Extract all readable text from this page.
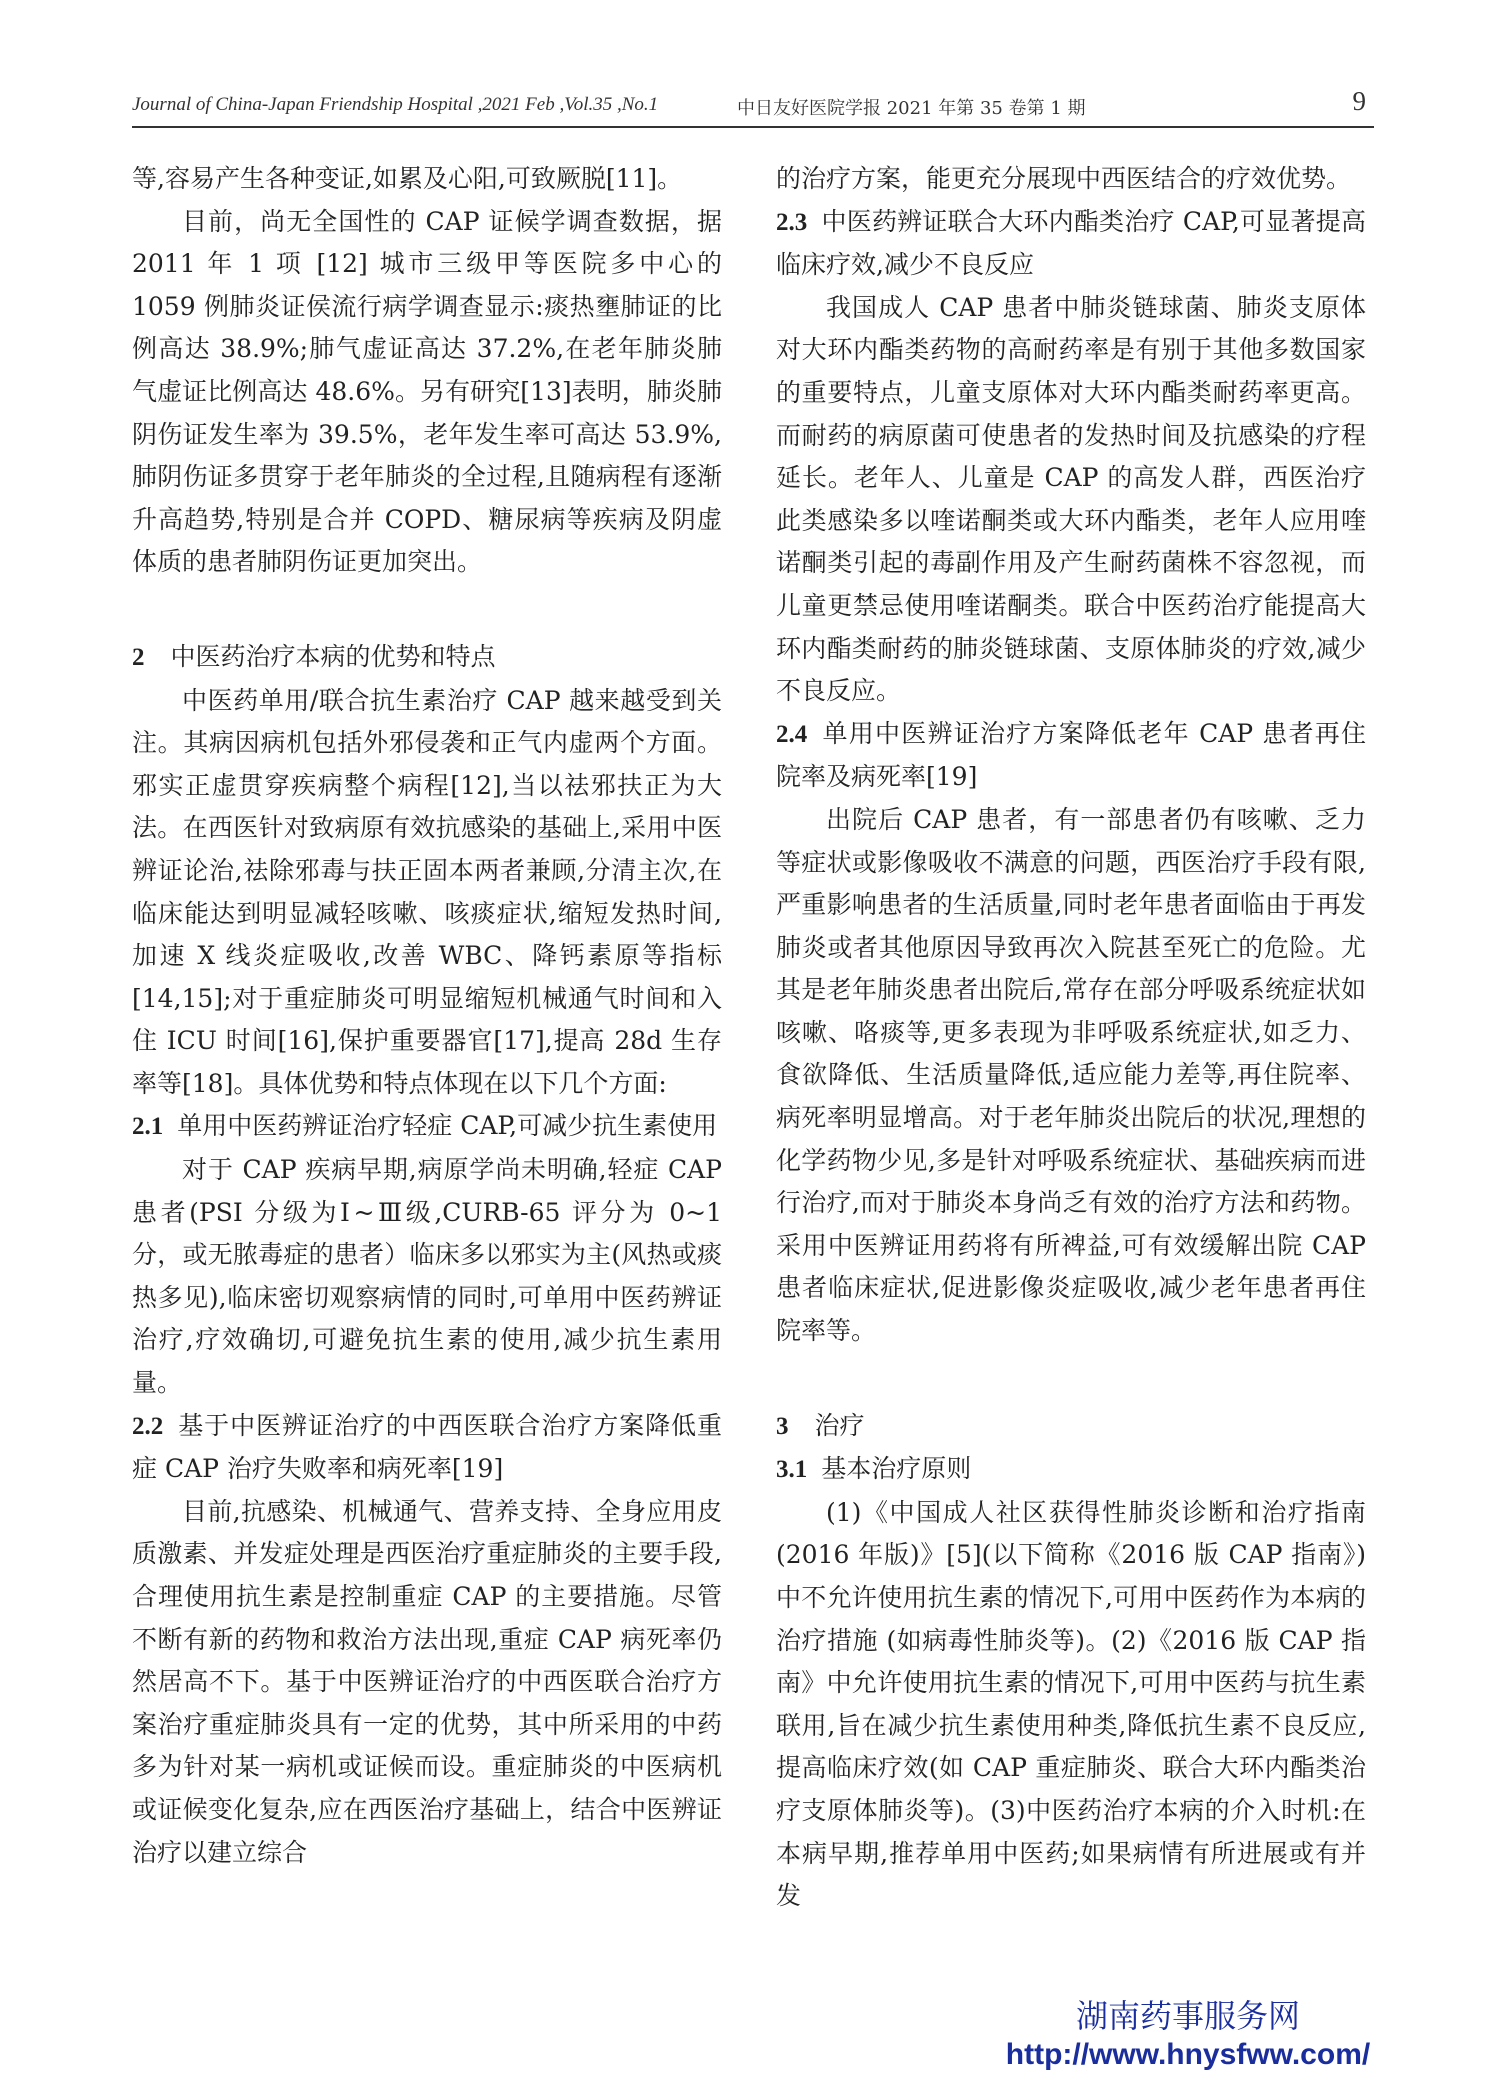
Journal of China-Japan Friendship Hospital ,2021 Feb ,Vol.35 ,No.1	中日友好医院学报 2021 年第 35 卷第 1 期	9

等,容易产生各种变证,如累及心阳,可致厥脱[11]。

目前，尚无全国性的 CAP 证候学调查数据，据 2011 年 1 项 [12] 城市三级甲等医院多中心的 1059 例肺炎证侯流行病学调查显示:痰热壅肺证的比例高达 38.9%;肺气虚证高达 37.2%,在老年肺炎肺气虚证比例高达 48.6%。另有研究[13]表明，肺炎肺阴伤证发生率为 39.5%，老年发生率可高达 53.9%,肺阴伤证多贯穿于老年肺炎的全过程,且随病程有逐渐升高趋势,特别是合并 COPD、糖尿病等疾病及阴虚体质的患者肺阴伤证更加突出。

2 中医药治疗本病的优势和特点

中医药单用/联合抗生素治疗 CAP 越来越受到关注。其病因病机包括外邪侵袭和正气内虚两个方面。邪实正虚贯穿疾病整个病程[12],当以祛邪扶正为大法。在西医针对致病原有效抗感染的基础上,采用中医辨证论治,祛除邪毒与扶正固本两者兼顾,分清主次,在临床能达到明显减轻咳嗽、咳痰症状,缩短发热时间,加速 X 线炎症吸收,改善 WBC、降钙素原等指标[14,15];对于重症肺炎可明显缩短机械通气时间和入住 ICU 时间[16],保护重要器官[17],提高 28d 生存率等[18]。具体优势和特点体现在以下几个方面:

2.1 单用中医药辨证治疗轻症 CAP,可减少抗生素使用

对于 CAP 疾病早期,病原学尚未明确,轻症 CAP 患者(PSI 分级为Ⅰ~Ⅲ级,CURB-65 评分为 0~1 分，或无脓毒症的患者）临床多以邪实为主(风热或痰热多见),临床密切观察病情的同时,可单用中医药辨证治疗,疗效确切,可避免抗生素的使用,减少抗生素用量。

2.2 基于中医辨证治疗的中西医联合治疗方案降低重症 CAP 治疗失败率和病死率[19]

目前,抗感染、机械通气、营养支持、全身应用皮质激素、并发症处理是西医治疗重症肺炎的主要手段,合理使用抗生素是控制重症 CAP 的主要措施。尽管不断有新的药物和救治方法出现,重症 CAP 病死率仍然居高不下。基于中医辨证治疗的中西医联合治疗方案治疗重症肺炎具有一定的优势，其中所采用的中药多为针对某一病机或证候而设。重症肺炎的中医病机或证候变化复杂,应在西医治疗基础上，结合中医辨证治疗以建立综合

的治疗方案，能更充分展现中西医结合的疗效优势。

2.3 中医药辨证联合大环内酯类治疗 CAP,可显著提高临床疗效,减少不良反应

我国成人 CAP 患者中肺炎链球菌、肺炎支原体对大环内酯类药物的高耐药率是有别于其他多数国家的重要特点，儿童支原体对大环内酯类耐药率更高。而耐药的病原菌可使患者的发热时间及抗感染的疗程延长。老年人、儿童是 CAP 的高发人群，西医治疗此类感染多以喹诺酮类或大环内酯类，老年人应用喹诺酮类引起的毒副作用及产生耐药菌株不容忽视，而儿童更禁忌使用喹诺酮类。联合中医药治疗能提高大环内酯类耐药的肺炎链球菌、支原体肺炎的疗效,减少不良反应。

2.4 单用中医辨证治疗方案降低老年 CAP 患者再住院率及病死率[19]

出院后 CAP 患者，有一部患者仍有咳嗽、乏力等症状或影像吸收不满意的问题，西医治疗手段有限,严重影响患者的生活质量,同时老年患者面临由于再发肺炎或者其他原因导致再次入院甚至死亡的危险。尤其是老年肺炎患者出院后,常存在部分呼吸系统症状如咳嗽、咯痰等,更多表现为非呼吸系统症状,如乏力、食欲降低、生活质量降低,适应能力差等,再住院率、病死率明显增高。对于老年肺炎出院后的状况,理想的化学药物少见,多是针对呼吸系统症状、基础疾病而进行治疗,而对于肺炎本身尚乏有效的治疗方法和药物。采用中医辨证用药将有所裨益,可有效缓解出院 CAP 患者临床症状,促进影像炎症吸收,减少老年患者再住院率等。

3 治疗
3.1 基本治疗原则

(1)《中国成人社区获得性肺炎诊断和治疗指南 (2016 年版)》[5](以下简称《2016 版 CAP 指南》)中不允许使用抗生素的情况下,可用中医药作为本病的治疗措施 (如病毒性肺炎等)。(2)《2016 版 CAP 指南》中允许使用抗生素的情况下,可用中医药与抗生素联用,旨在减少抗生素使用种类,降低抗生素不良反应,提高临床疗效(如 CAP 重症肺炎、联合大环内酯类治疗支原体肺炎等)。(3)中医药治疗本病的介入时机:在本病早期,推荐单用中医药;如果病情有所进展或有并发

湖南药事服务网
http://www.hnysfww.com/
